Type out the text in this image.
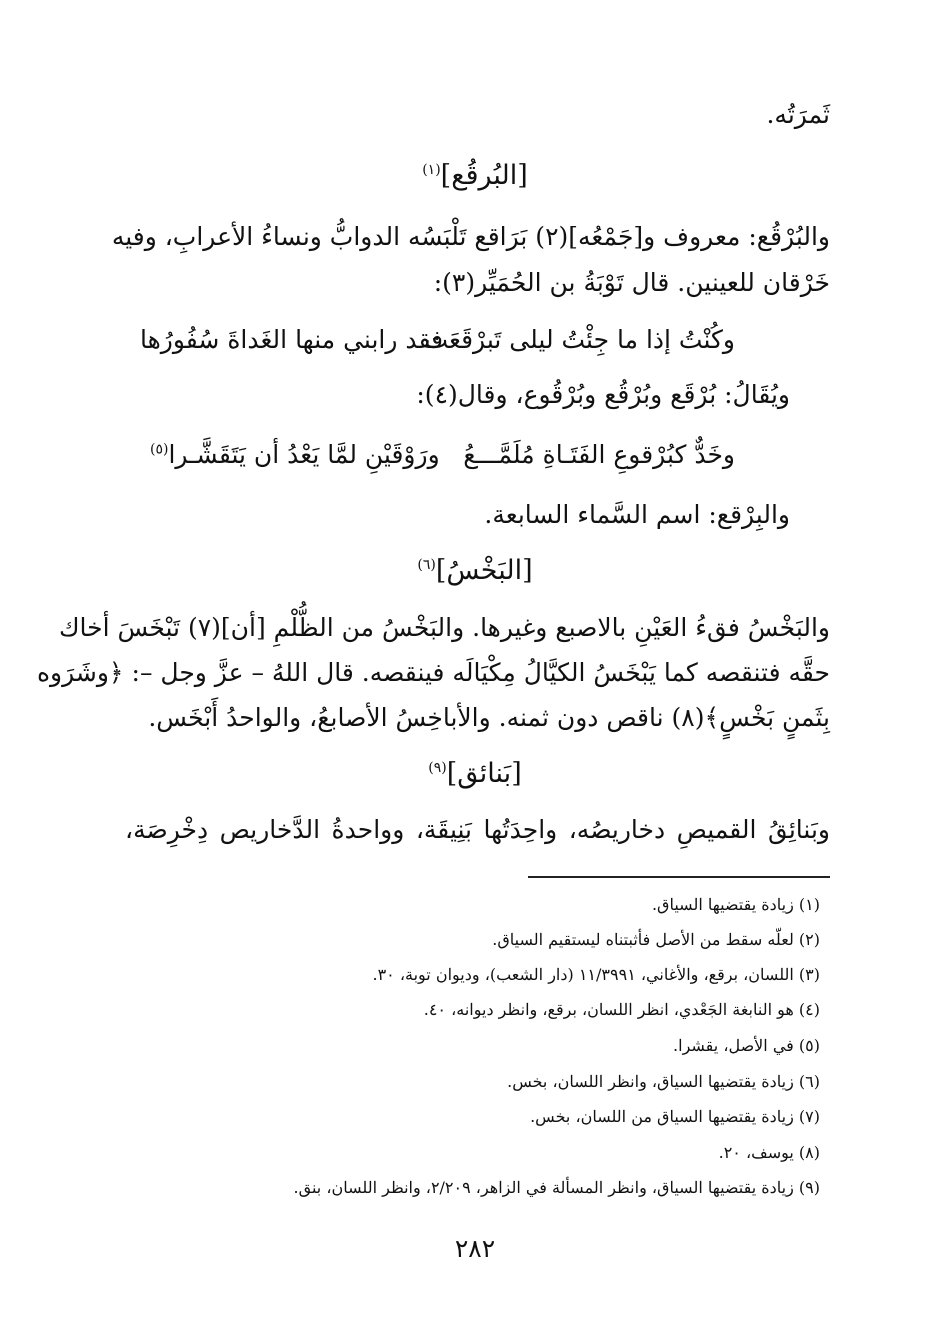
ثَمرَتُه.
[البُرقُع]$^{(١)}$
والبُرْقُع: معروف و[جَمْعُه](٢) بَرَاقع تَلْبَسُه الدوابُّ ونساءُ الأعرابِ، وفيه
خَرْقان للعينين. قال تَوْبَةُ بن الحُمَيِّر(٣):
وكُنْتُ إذا ما جِئْتُ ليلى تَبرْقَعَت
فقد رابني منها الغَداةَ سُفُورُها
ويُقَالُ: بُرْقَع وبُرْقُع وبُرْقُوع، وقال(٤):
وخَدٌّ كبُرْقوعِ الفَتَـاةِ مُلَمَّـــعُ
ورَوْقَيْنِ لمَّا يَعْدُ أن يَتَقَشَّـرا$^{(٥)}$
والبِرْقع: اسم السَّماء السابعة.
[البَخْسُ]$^{(٦)}$
والبَخْسُ فقءُ العَيْنِ بالاصبع وغيرها. والبَخْسُ من الظُّلْمِ [أن](٧) تَبْخَسَ أخاك
حقَّه فتنقصه كما يَبْخَسُ الكيَّالُ مِكْيَالَه فينقصه. قال اللهُ – عزَّ وجل –: ﴿وشَرَوه
بِثَمنٍ بَخْسٍ﴾(٨) ناقص دون ثمنه. والأباخِسُ الأصابعُ، والواحدُ أَبْخَس.
[بَنائق]$^{(٩)}$
وبَنائِقُ القميصِ دخاريصُه، واحِدَتُها بَنِيقَة، وواحدةُ الدَّخاريص دِخْرِصَة،
(١) زيادة يقتضيها السياق.
(٢) لعلّه سقط من الأصل فأثبتناه ليستقيم السياق.
(٣) اللسان، برقع، والأغاني، ١١/٣٩٩١ (دار الشعب)، وديوان توبة، ٣٠.
(٤) هو النابغة الجَعْدي، انظر اللسان، برقع، وانظر ديوانه، ٤٠.
(٥) في الأصل، يقشرا.
(٦) زيادة يقتضيها السياق، وانظر اللسان، بخس.
(٧) زيادة يقتضيها السياق من اللسان، بخس.
(٨) يوسف، ٢٠.
(٩) زيادة يقتضيها السياق، وانظر المسألة في الزاهر، ٢/٢٠٩، وانظر اللسان، بنق.
٢٨٢
